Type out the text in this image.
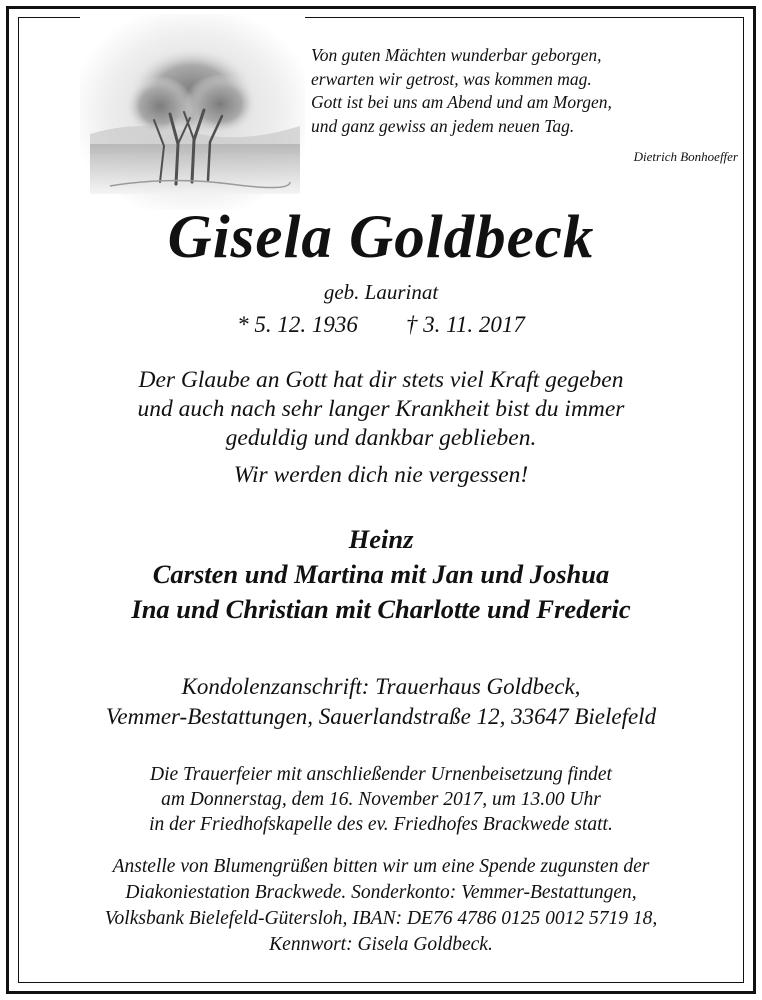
Von guten Mächten wunderbar geborgen,
erwarten wir getrost, was kommen mag.
Gott ist bei uns am Abend und am Morgen,
und ganz gewiss an jedem neuen Tag.
Dietrich Bonhoeffer
Gisela Goldbeck
geb. Laurinat
* 5. 12. 1936 † 3. 11. 2017
Der Glaube an Gott hat dir stets viel Kraft gegeben
und auch nach sehr langer Krankheit bist du immer
geduldig und dankbar geblieben.
Wir werden dich nie vergessen!
Heinz
Carsten und Martina mit Jan und Joshua
Ina und Christian mit Charlotte und Frederic
Kondolenzanschrift: Trauerhaus Goldbeck,
Vemmer-Bestattungen, Sauerlandstraße 12, 33647 Bielefeld
Die Trauerfeier mit anschließender Urnenbeisetzung findet
am Donnerstag, dem 16. November 2017, um 13.00 Uhr
in der Friedhofskapelle des ev. Friedhofes Brackwede statt.
Anstelle von Blumengrüßen bitten wir um eine Spende zugunsten der
Diakoniestation Brackwede. Sonderkonto: Vemmer-Bestattungen,
Volksbank Bielefeld-Gütersloh, IBAN: DE76 4786 0125 0012 5719 18,
Kennwort: Gisela Goldbeck.
